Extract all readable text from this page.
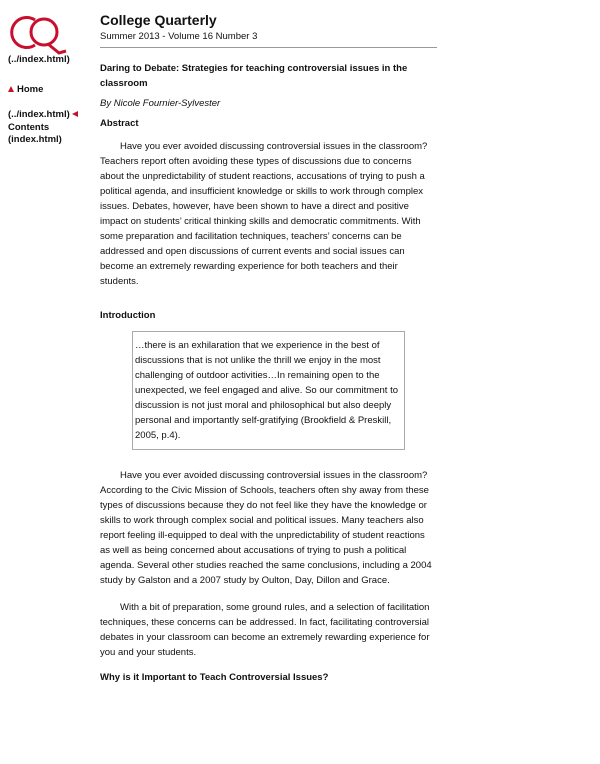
(../index.html)
Home
(../index.html)
Contents
(index.html)
College Quarterly
Summer 2013 - Volume 16 Number 3
Daring to Debate: Strategies for teaching controversial issues in the classroom
By Nicole Fournier-Sylvester
Abstract

Have you ever avoided discussing controversial issues in the classroom? Teachers report often avoiding these types of discussions due to concerns about the unpredictability of student reactions, accusations of trying to push a political agenda, and insufficient knowledge or skills to work through complex issues. Debates, however, have been shown to have a direct and positive impact on students’ critical thinking skills and democratic commitments. With some preparation and facilitation techniques, teachers’ concerns can be addressed and open discussions of current events and social issues can become an extremely rewarding experience for both teachers and their students.

Introduction
…there is an exhilaration that we experience in the best of discussions that is not unlike the thrill we enjoy in the most challenging of outdoor activities…In remaining open to the unexpected, we feel engaged and alive. So our commitment to discussion is not just moral and philosophical but also deeply personal and importantly self-gratifying (Brookfield & Preskill, 2005, p.4).

Have you ever avoided discussing controversial issues in the classroom? According to the Civic Mission of Schools, teachers often shy away from these types of discussions because they do not feel like they have the knowledge or skills to work through complex social and political issues. Many teachers also report feeling ill-equipped to deal with the unpredictability of student reactions as well as being concerned about accusations of trying to push a political agenda. Several other studies reached the same conclusions, including a 2004 study by Galston and a 2007 study by Oulton, Day, Dillon and Grace.

With a bit of preparation, some ground rules, and a selection of facilitation techniques, these concerns can be addressed. In fact, facilitating controversial debates in your classroom can become an extremely rewarding experience for you and your students.

Why is it Important to Teach Controversial Issues?
